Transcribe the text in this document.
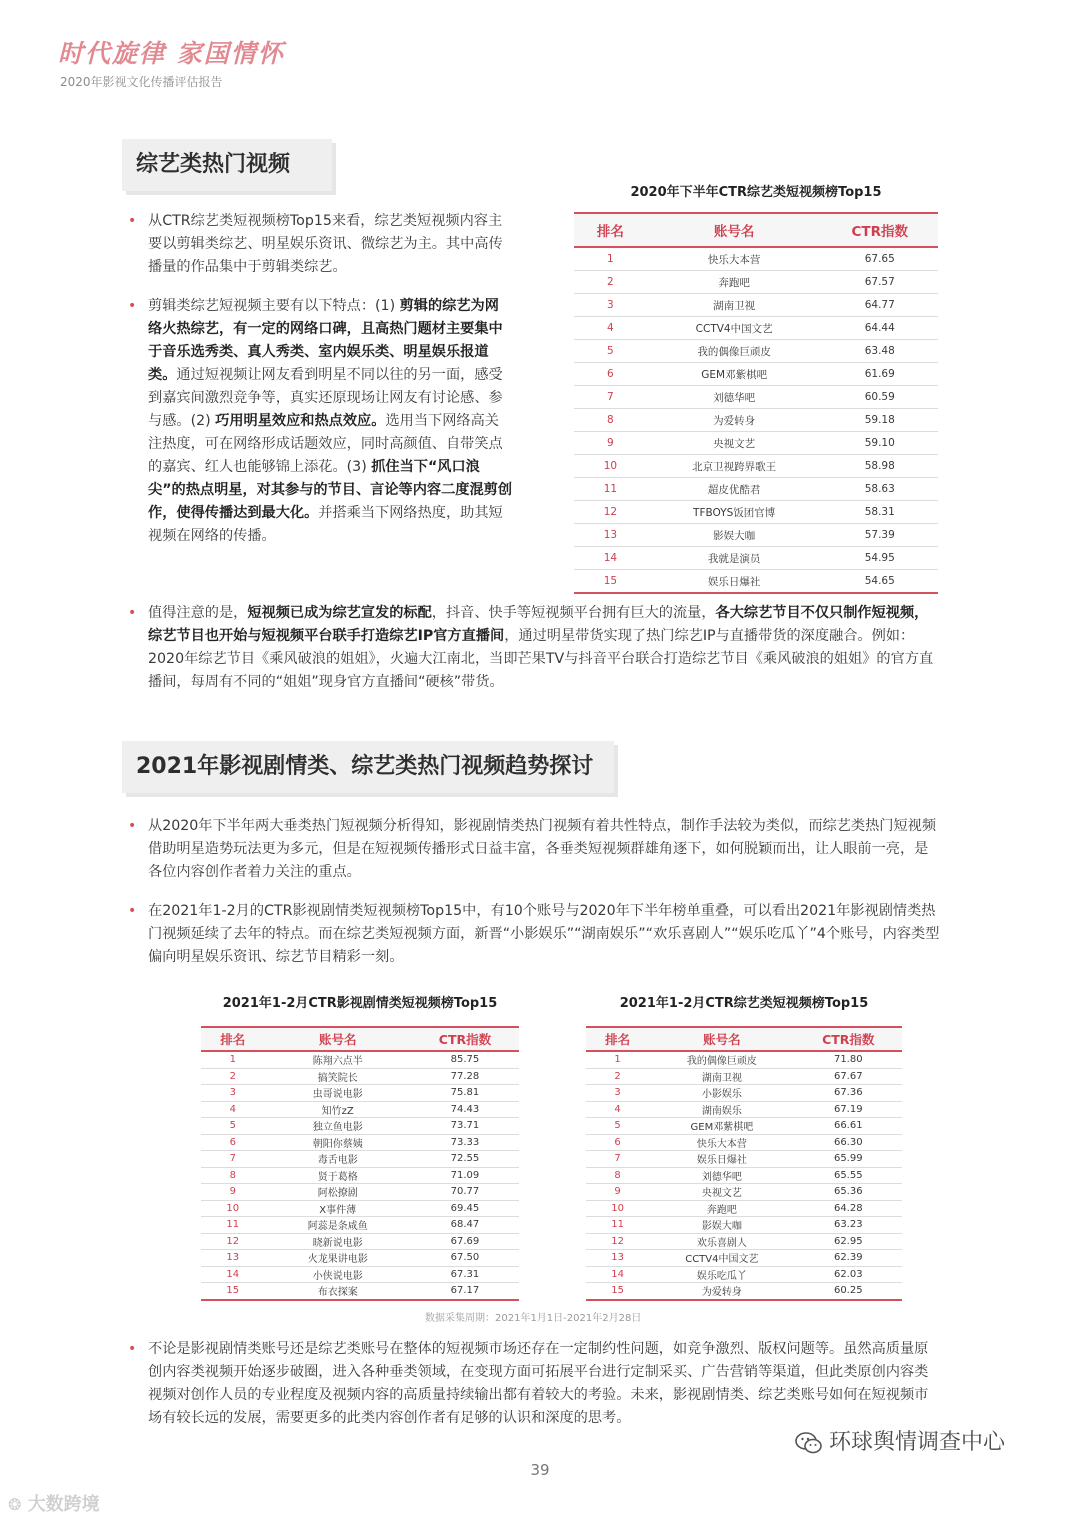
时代旋律 家国情怀
2020年影视文化传播评估报告
综艺类热门视频
• 从CTR综艺类短视频榜Top15来看，综艺类短视频内容主要以剪辑类综艺、明星娱乐资讯、微综艺为主。其中高传播量的作品集中于剪辑类综艺。
• 剪辑类综艺短视频主要有以下特点：(1) 剪辑的综艺为网络火热综艺，有一定的网络口碑，且高热门题材主要集中于音乐选秀类、真人秀类、室内娱乐类、明星娱乐报道类。通过短视频让网友看到明星不同以往的另一面，感受到嘉宾间激烈竞争等，真实还原现场让网友有讨论感、参与感。(2) 巧用明星效应和热点效应。选用当下网络高关注热度，可在网络形成话题效应，同时高颜值、自带笑点的嘉宾、红人也能够锦上添花。(3) 抓住当下“风口浪尖”的热点明星，对其参与的节目、言论等内容二度混剪创作，使得传播达到最大化。并搭乘当下网络热度，助其短视频在网络的传播。
2020年下半年CTR综艺类短视频榜Top15
排名	账号名	CTR指数
1	快乐大本营	67.65
2	奔跑吧	67.57
3	湖南卫视	64.77
4	CCTV4中国文艺	64.44
5	我的偶像巨顽皮	63.48
6	GEM邓紫棋吧	61.69
7	刘德华吧	60.59
8	为爱转身	59.18
9	央视文艺	59.10
10	北京卫视跨界歌王	58.98
11	超皮优酷君	58.63
12	TFBOYS饭团官博	58.31
13	影娱大咖	57.39
14	我就是演员	54.95
15	娱乐日爆社	54.65
• 值得注意的是，短视频已成为综艺宣发的标配，抖音、快手等短视频平台拥有巨大的流量，各大综艺节目不仅只制作短视频，综艺节目也开始与短视频平台联手打造综艺IP官方直播间，通过明星带货实现了热门综艺IP与直播带货的深度融合。例如：2020年综艺节目《乘风破浪的姐姐》，火遍大江南北，当即芒果TV与抖音平台联合打造综艺节目《乘风破浪的姐姐》的官方直播间，每周有不同的“姐姐”现身官方直播间“硬核”带货。
2021年影视剧情类、综艺类热门视频趋势探讨
• 从2020年下半年两大垂类热门短视频分析得知，影视剧情类热门视频有着共性特点，制作手法较为类似，而综艺类热门短视频借助明星造势玩法更为多元，但是在短视频传播形式日益丰富，各垂类短视频群雄角逐下，如何脱颖而出，让人眼前一亮，是各位内容创作者着力关注的重点。
• 在2021年1-2月的CTR影视剧情类短视频榜Top15中，有10个账号与2020年下半年榜单重叠，可以看出2021年影视剧情类热门视频延续了去年的特点。而在综艺类短视频方面，新晋“小影娱乐”“湖南娱乐”“欢乐喜剧人”“娱乐吃瓜丫”4个账号，内容类型偏向明星娱乐资讯、综艺节目精彩一刻。
2021年1-2月CTR影视剧情类短视频榜Top15
排名	账号名	CTR指数
1	陈翔六点半	85.75
2	搞笑院长	77.28
3	虫哥说电影	75.81
4	知竹zZ	74.43
5	独立鱼电影	73.71
6	朝阳你蔡姨	73.33
7	毒舌电影	72.55
8	贤于葛格	71.09
9	阿松撩剧	70.77
10	X事件薄	69.45
11	阿蕊是条咸鱼	68.47
12	晓新说电影	67.69
13	火龙果讲电影	67.50
14	小侠说电影	67.31
15	布衣探案	67.17
2021年1-2月CTR综艺类短视频榜Top15
排名	账号名	CTR指数
1	我的偶像巨顽皮	71.80
2	湖南卫视	67.67
3	小影娱乐	67.36
4	湖南娱乐	67.19
5	GEM邓紫棋吧	66.61
6	快乐大本营	66.30
7	娱乐日爆社	65.99
8	刘德华吧	65.55
9	央视文艺	65.36
10	奔跑吧	64.28
11	影娱大咖	63.23
12	欢乐喜剧人	62.95
13	CCTV4中国文艺	62.39
14	娱乐吃瓜丫	62.03
15	为爱转身	60.25
数据采集周期：2021年1月1日-2021年2月28日
• 不论是影视剧情类账号还是综艺类账号在整体的短视频市场还存在一定制约性问题，如竞争激烈、版权问题等。虽然高质量原创内容类视频开始逐步破圈，进入各种垂类领域，在变现方面可拓展平台进行定制采买、广告营销等渠道，但此类原创内容类视频对创作人员的专业程度及视频内容的高质量持续输出都有着较大的考验。未来，影视剧情类、综艺类账号如何在短视频市场有较长远的发展，需要更多的此类内容创作者有足够的认识和深度的思考。
39
❂ 大数跨境
环球舆情调查中心
